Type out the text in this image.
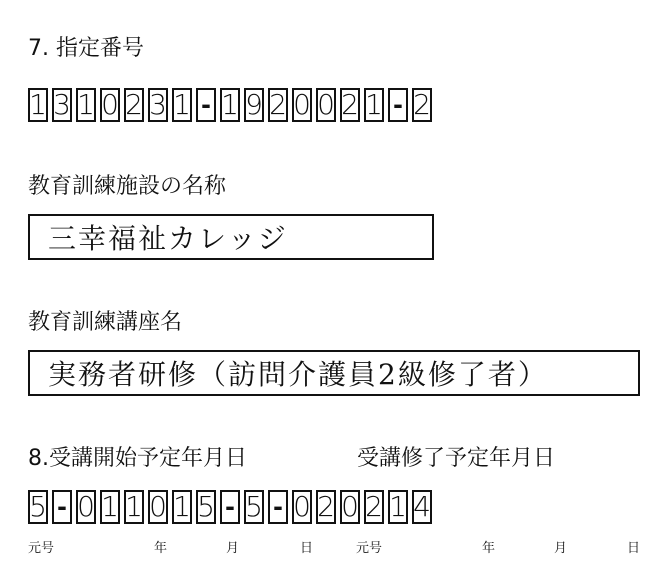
7. 指定番号
1 3 1 0 2 3 1 - 1 9 2 0 0 2 1 - 2
教育訓練施設の名称
三幸福祉カレッジ
教育訓練講座名
実務者研修（訪問介護員2級修了者）
8.受講開始予定年月日	受講修了予定年月日
5 - 0 1 1 0 1 5 - 5 - 0 2 0 2 1 4
元号	年	月	日	元号	年	月	日
